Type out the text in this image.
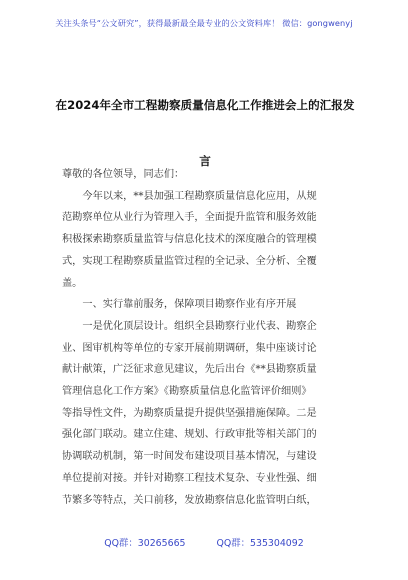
关注头条号“公文研究”，获得最新最全最专业的公文资料库！ 微信：gongwenyj
在2024年全市工程勘察质量信息化工作推进会上的汇报发
言
尊敬的各位领导，同志们：
今年以来，**县加强工程勘察质量信息化应用，从规
范勘察单位从业行为管理入手，全面提升监管和服务效能
积极探索勘察质量监管与信息化技术的深度融合的管理模
式，实现工程勘察质量监管过程的全记录、全分析、全覆
盖。
一、实行靠前服务，保障项目勘察作业有序开展
一是优化顶层设计。组织全县勘察行业代表、勘察企
业、图审机构等单位的专家开展前期调研，集中座谈讨论
献计献策，广泛征求意见建议，先后出台《**县勘察质量
管理信息化工作方案》《勘察质量信息化监管评价细则》
等指导性文件，为勘察质量提升提供坚强措施保障。二是
强化部门联动。建立住建、规划、行政审批等相关部门的
协调联动机制，第一时间发布建设项目基本情况，与建设
单位提前对接。并针对勘察工程技术复杂、专业性强、细
节繁多等特点，关口前移，发放勘察信息化监管明白纸，
QQ群：30265665	QQ群：535304092
